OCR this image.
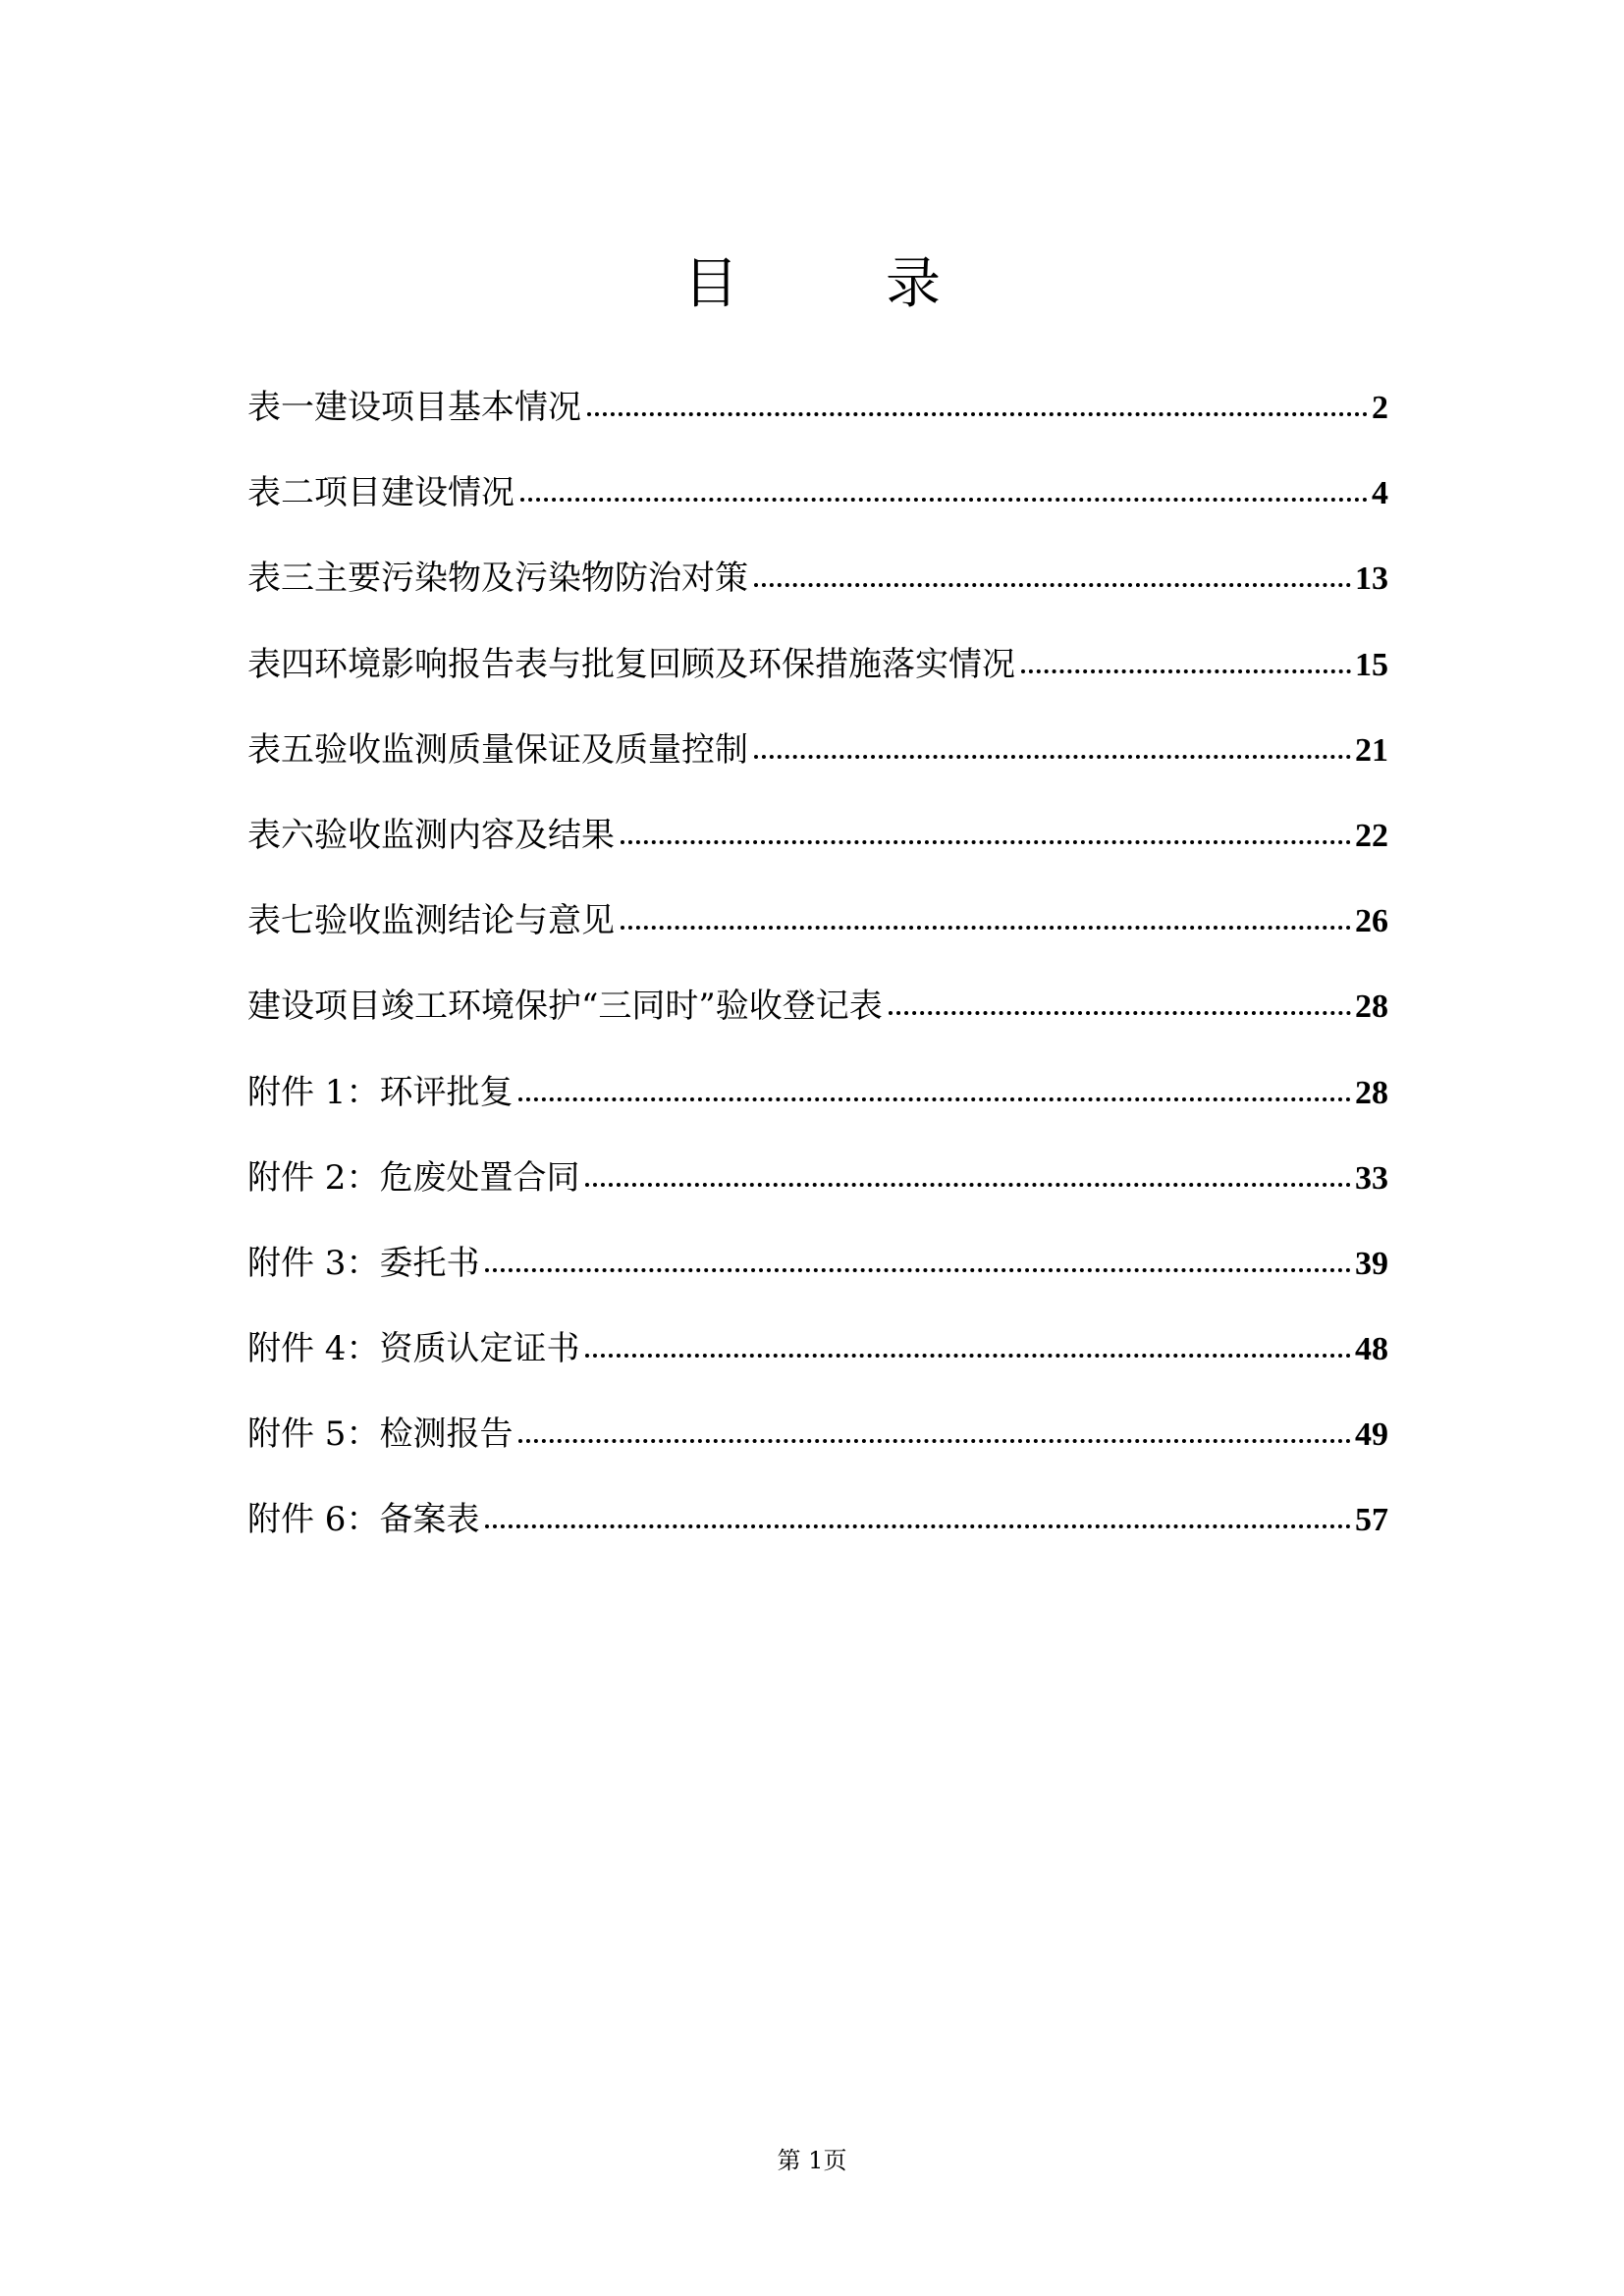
目	录
表一建设项目基本情况	2
表二项目建设情况	4
表三主要污染物及污染物防治对策	13
表四环境影响报告表与批复回顾及环保措施落实情况	15
表五验收监测质量保证及质量控制	21
表六验收监测内容及结果	22
表七验收监测结论与意见	26
建设项目竣工环境保护“三同时”验收登记表	28
附件 1：环评批复	28
附件 2：危废处置合同	33
附件 3：委托书	39
附件 4：资质认定证书	48
附件 5：检测报告	49
附件 6：备案表	57
第 1页
